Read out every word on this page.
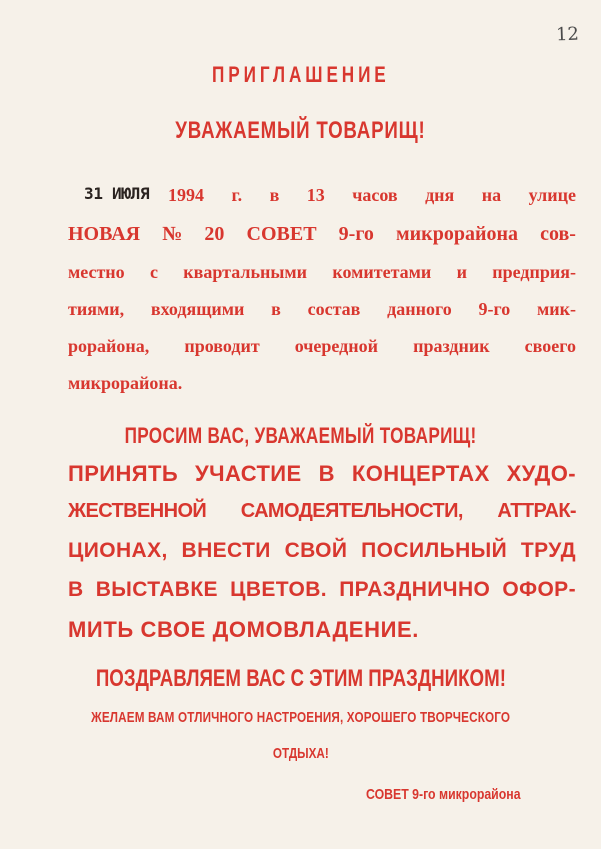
12
ПРИГЛАШЕНИЕ
УВАЖАЕМЫЙ ТОВАРИЩ!
31 ИЮЛЯ 1994 г. в 13 часов дня на улице
НОВАЯ № 20 СОВЕТ 9-го микрорайона сов-
местно с квартальными комитетами и предприя-
тиями, входящими в состав данного 9-го мик-
рорайона, проводит очередной праздник своего
микрорайона.
ПРОСИМ ВАС, УВАЖАЕМЫЙ ТОВАРИЩ!
ПРИНЯТЬ УЧАСТИЕ В КОНЦЕРТАХ ХУДО-
ЖЕСТВЕННОЙ САМОДЕЯТЕЛЬНОСТИ, АТТРАК-
ЦИОНАХ, ВНЕСТИ СВОЙ ПОСИЛЬНЫЙ ТРУД
В ВЫСТАВКЕ ЦВЕТОВ. ПРАЗДНИЧНО ОФОР-
МИТЬ СВОЕ ДОМОВЛАДЕНИЕ.
ПОЗДРАВЛЯЕМ ВАС С ЭТИМ ПРАЗДНИКОМ!
ЖЕЛАЕМ ВАМ ОТЛИЧНОГО НАСТРОЕНИЯ, ХОРОШЕГО ТВОРЧЕСКОГО
ОТДЫХА!
СОВЕТ 9-го микрорайона
